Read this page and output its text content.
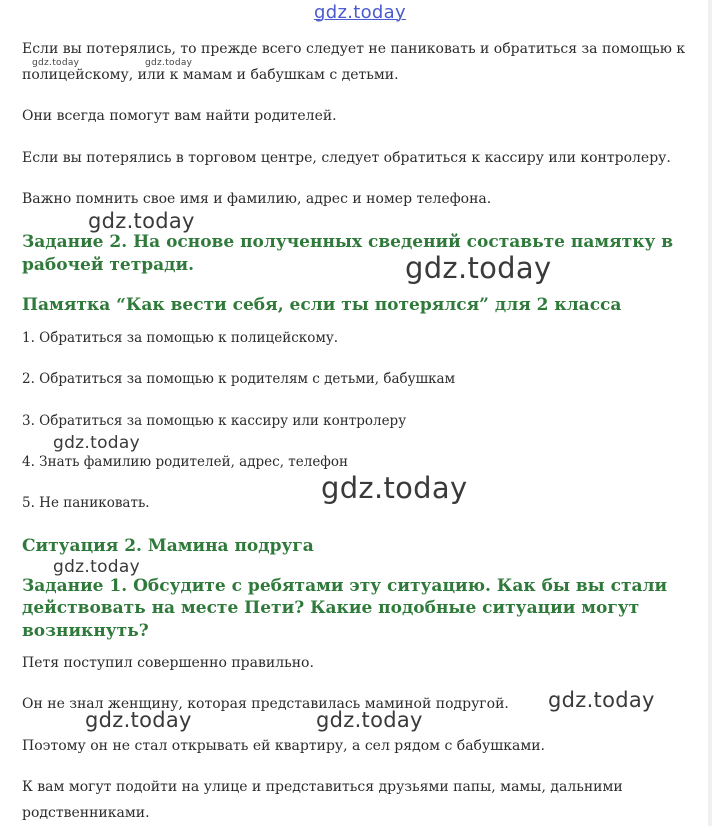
gdz.today
gdz.today	gdz.today
gdz.today
gdz.today
gdz.today
gdz.today
gdz.today
gdz.today
gdz.today	gdz.today

Если вы потерялись, то прежде всего следует не паниковать и обратиться за помощью к

полицейскому, или к мамам и бабушкам с детьми.

Они всегда помогут вам найти родителей.

Если вы потерялись в торговом центре, следует обратиться к кассиру или контролеру.

Важно помнить свое имя и фамилию, адрес и номер телефона.

Задание 2. На основе полученных сведений составьте памятку в
рабочей тетради.
Памятка “Как вести себя, если ты потерялся” для 2 класса

1. Обратиться за помощью к полицейскому.

2. Обратиться за помощью к родителям с детьми, бабушкам

3. Обратиться за помощью к кассиру или контролеру

4. Знать фамилию родителей, адрес, телефон

5. Не паниковать.

Ситуация 2. Мамина подруга
Задание 1. Обсудите с ребятами эту ситуацию. Как бы вы стали
действовать на месте Пети? Какие подобные ситуации могут
возникнуть?

Петя поступил совершенно правильно.

Он не знал женщину, которая представилась маминой подругой.

Поэтому он не стал открывать ей квартиру, а сел рядом с бабушками.

К вам могут подойти на улице и представиться друзьями папы, мамы, дальними

родственниками.
